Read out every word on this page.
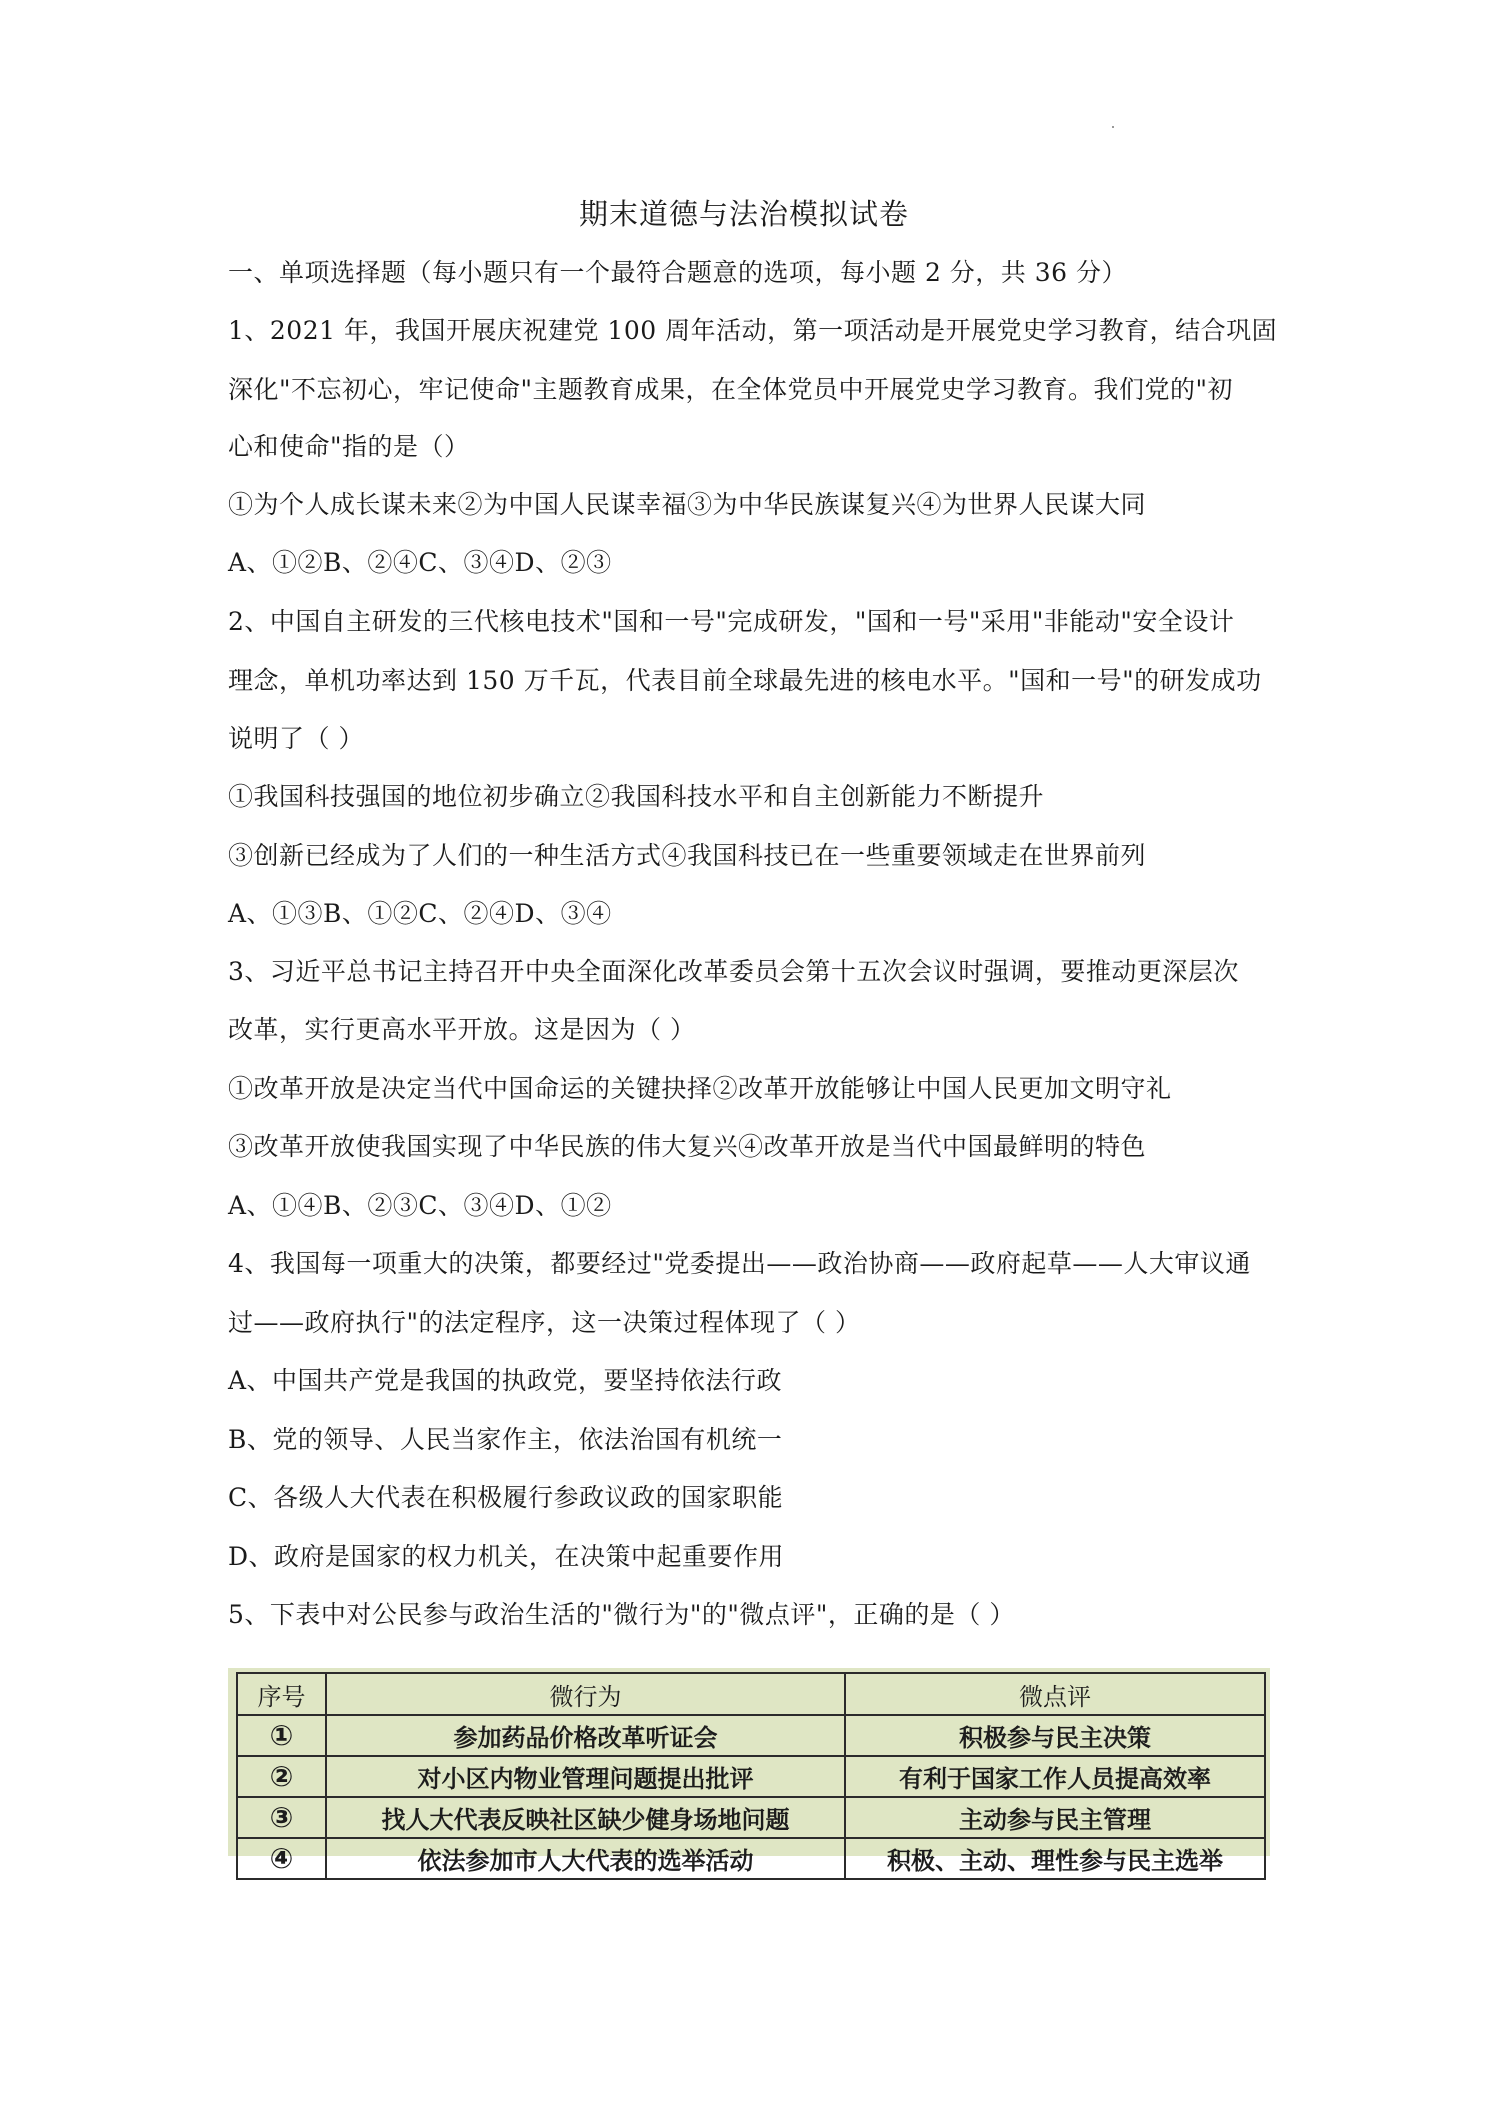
期末道德与法治模拟试卷
一、单项选择题（每小题只有一个最符合题意的选项，每小题 2 分，共 36 分）
1、2021 年，我国开展庆祝建党 100 周年活动，第一项活动是开展党史学习教育，结合巩固
深化"不忘初心，牢记使命"主题教育成果，在全体党员中开展党史学习教育。我们党的"初
心和使命"指的是（）
①为个人成长谋未来②为中国人民谋幸福③为中华民族谋复兴④为世界人民谋大同
A、①②B、②④C、③④D、②③
2、中国自主研发的三代核电技术"国和一号"完成研发，"国和一号"采用"非能动"安全设计
理念，单机功率达到 150 万千瓦，代表目前全球最先进的核电水平。"国和一号"的研发成功
说明了（ ）
①我国科技强国的地位初步确立②我国科技水平和自主创新能力不断提升
③创新已经成为了人们的一种生活方式④我国科技已在一些重要领域走在世界前列
A、①③B、①②C、②④D、③④
3、习近平总书记主持召开中央全面深化改革委员会第十五次会议时强调，要推动更深层次
改革，实行更高水平开放。这是因为（ ）
①改革开放是决定当代中国命运的关键抉择②改革开放能够让中国人民更加文明守礼
③改革开放使我国实现了中华民族的伟大复兴④改革开放是当代中国最鲜明的特色
A、①④B、②③C、③④D、①②
4、我国每一项重大的决策，都要经过"党委提出——政治协商——政府起草——人大审议通
过——政府执行"的法定程序，这一决策过程体现了（ ）
A、中国共产党是我国的执政党，要坚持依法行政
B、党的领导、人民当家作主，依法治国有机统一
C、各级人大代表在积极履行参政议政的国家职能
D、政府是国家的权力机关，在决策中起重要作用
5、下表中对公民参与政治生活的"微行为"的"微点评"，正确的是（ ）
序号	微行为	微点评
①	参加药品价格改革听证会	积极参与民主决策
②	对小区内物业管理问题提出批评	有利于国家工作人员提高效率
③	找人大代表反映社区缺少健身场地问题	主动参与民主管理
④	依法参加市人大代表的选举活动	积极、主动、理性参与民主选举
